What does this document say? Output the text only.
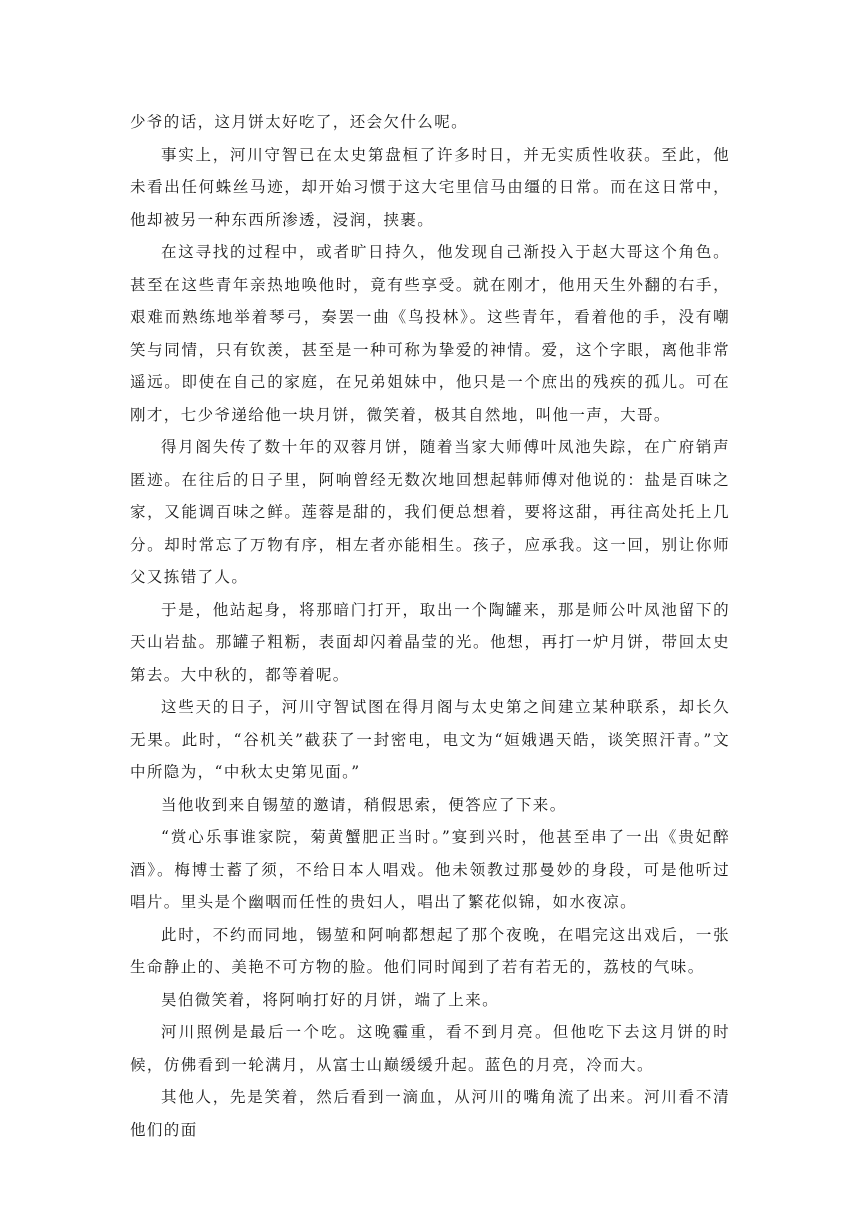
少爷的话，这月饼太好吃了，还会欠什么呢。

事实上，河川守智已在太史第盘桓了许多时日，并无实质性收获。至此，他未看出任何蛛丝马迹，却开始习惯于这大宅里信马由缰的日常。而在这日常中，他却被另一种东西所渗透，浸润，挟裹。

在这寻找的过程中，或者旷日持久，他发现自己渐投入于赵大哥这个角色。甚至在这些青年亲热地唤他时，竟有些享受。就在刚才，他用天生外翻的右手，艰难而熟练地举着琴弓，奏罢一曲《鸟投林》。这些青年，看着他的手，没有嘲笑与同情，只有钦羡，甚至是一种可称为挚爱的神情。爱，这个字眼，离他非常遥远。即使在自己的家庭，在兄弟姐妹中，他只是一个庶出的残疾的孤儿。可在刚才，七少爷递给他一块月饼，微笑着，极其自然地，叫他一声，大哥。

得月阁失传了数十年的双蓉月饼，随着当家大师傅叶凤池失踪，在广府销声匿迹。在往后的日子里，阿响曾经无数次地回想起韩师傅对他说的：盐是百味之家，又能调百味之鲜。莲蓉是甜的，我们便总想着，要将这甜，再往高处托上几分。却时常忘了万物有序，相左者亦能相生。孩子，应承我。这一回，别让你师父又拣错了人。

于是，他站起身，将那暗门打开，取出一个陶罐来，那是师公叶凤池留下的天山岩盐。那罐子粗粝，表面却闪着晶莹的光。他想，再打一炉月饼，带回太史第去。大中秋的，都等着呢。

这些天的日子，河川守智试图在得月阁与太史第之间建立某种联系，却长久无果。此时，“谷机关”截获了一封密电，电文为“姮娥遇天皓，谈笑照汗青。”文中所隐为，“中秋太史第见面。”

当他收到来自锡堃的邀请，稍假思索，便答应了下来。

“赏心乐事谁家院，菊黄蟹肥正当时。”宴到兴时，他甚至串了一出《贵妃醉酒》。梅博士蓄了须，不给日本人唱戏。他未领教过那曼妙的身段，可是他听过唱片。里头是个幽咽而任性的贵妇人，唱出了繁花似锦，如水夜凉。

此时，不约而同地，锡堃和阿响都想起了那个夜晚，在唱完这出戏后，一张生命静止的、美艳不可方物的脸。他们同时闻到了若有若无的，荔枝的气味。

昊伯微笑着，将阿响打好的月饼，端了上来。

河川照例是最后一个吃。这晚霾重，看不到月亮。但他吃下去这月饼的时候，仿佛看到一轮满月，从富士山巅缓缓升起。蓝色的月亮，冷而大。

其他人，先是笑着，然后看到一滴血，从河川的嘴角流了出来。河川看不清他们的面
